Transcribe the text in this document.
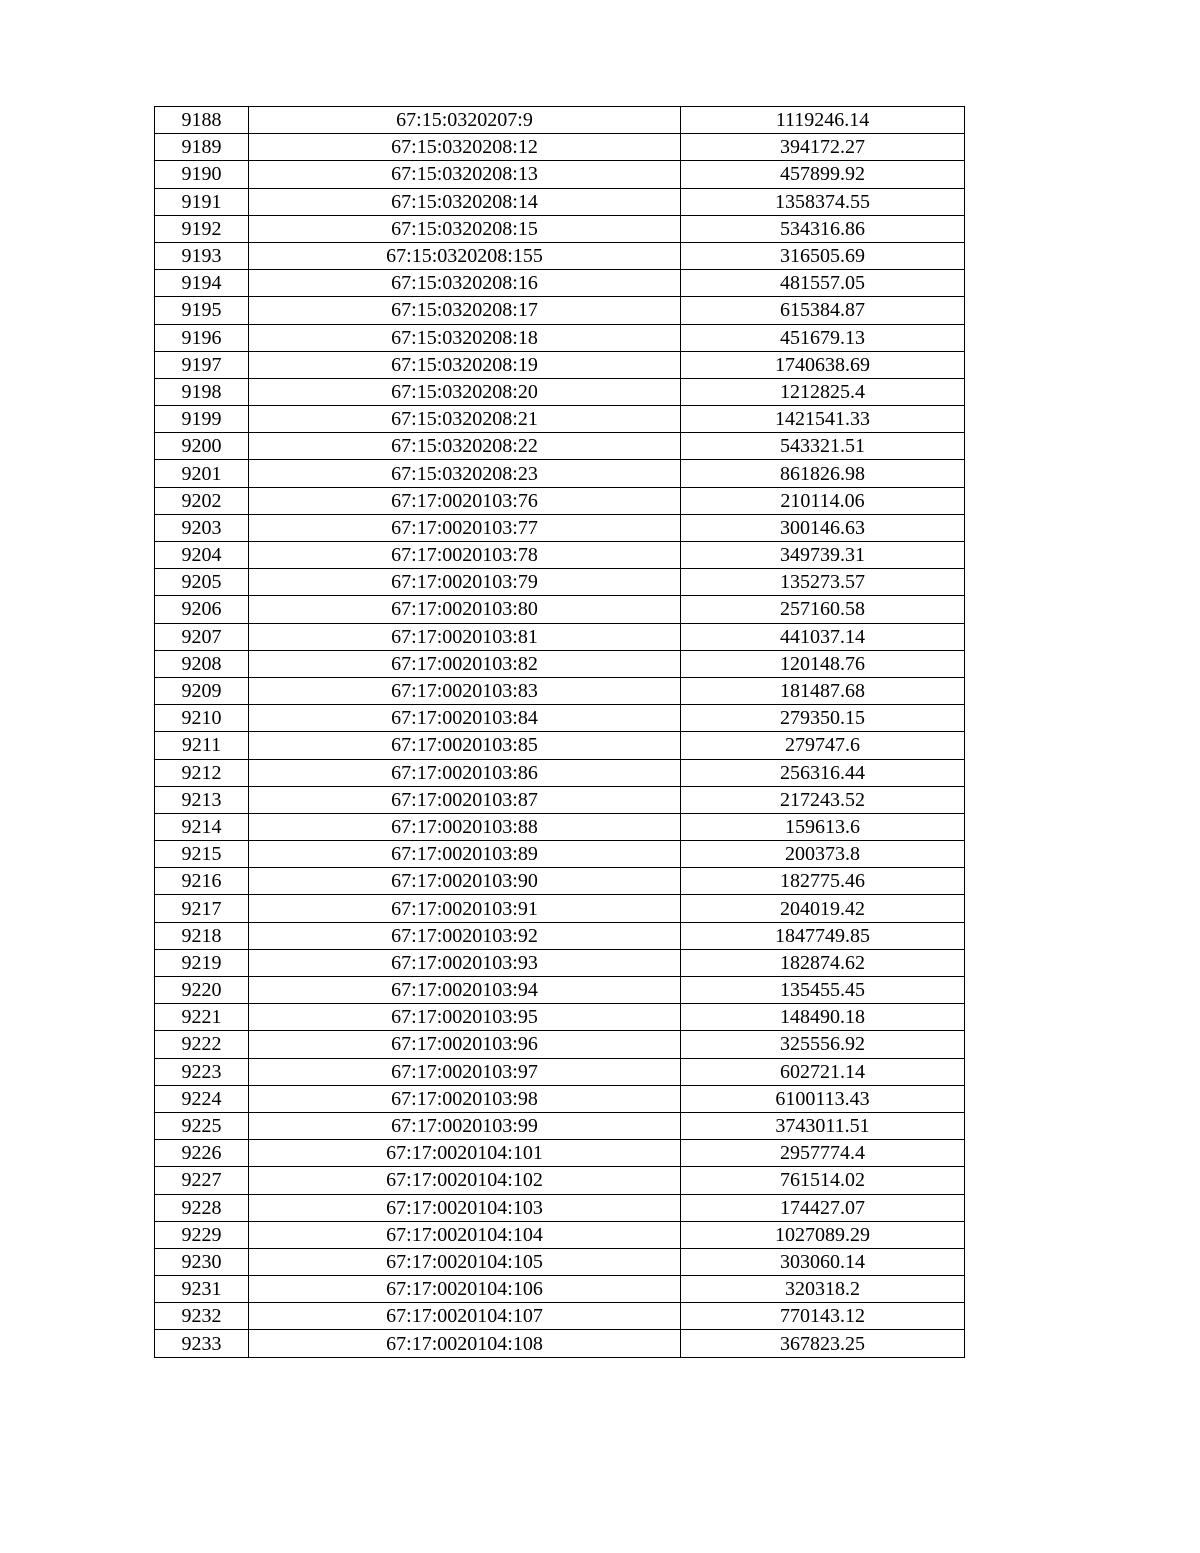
9188	67:15:0320207:9	1119246.14
9189	67:15:0320208:12	394172.27
9190	67:15:0320208:13	457899.92
9191	67:15:0320208:14	1358374.55
9192	67:15:0320208:15	534316.86
9193	67:15:0320208:155	316505.69
9194	67:15:0320208:16	481557.05
9195	67:15:0320208:17	615384.87
9196	67:15:0320208:18	451679.13
9197	67:15:0320208:19	1740638.69
9198	67:15:0320208:20	1212825.4
9199	67:15:0320208:21	1421541.33
9200	67:15:0320208:22	543321.51
9201	67:15:0320208:23	861826.98
9202	67:17:0020103:76	210114.06
9203	67:17:0020103:77	300146.63
9204	67:17:0020103:78	349739.31
9205	67:17:0020103:79	135273.57
9206	67:17:0020103:80	257160.58
9207	67:17:0020103:81	441037.14
9208	67:17:0020103:82	120148.76
9209	67:17:0020103:83	181487.68
9210	67:17:0020103:84	279350.15
9211	67:17:0020103:85	279747.6
9212	67:17:0020103:86	256316.44
9213	67:17:0020103:87	217243.52
9214	67:17:0020103:88	159613.6
9215	67:17:0020103:89	200373.8
9216	67:17:0020103:90	182775.46
9217	67:17:0020103:91	204019.42
9218	67:17:0020103:92	1847749.85
9219	67:17:0020103:93	182874.62
9220	67:17:0020103:94	135455.45
9221	67:17:0020103:95	148490.18
9222	67:17:0020103:96	325556.92
9223	67:17:0020103:97	602721.14
9224	67:17:0020103:98	6100113.43
9225	67:17:0020103:99	3743011.51
9226	67:17:0020104:101	2957774.4
9227	67:17:0020104:102	761514.02
9228	67:17:0020104:103	174427.07
9229	67:17:0020104:104	1027089.29
9230	67:17:0020104:105	303060.14
9231	67:17:0020104:106	320318.2
9232	67:17:0020104:107	770143.12
9233	67:17:0020104:108	367823.25
